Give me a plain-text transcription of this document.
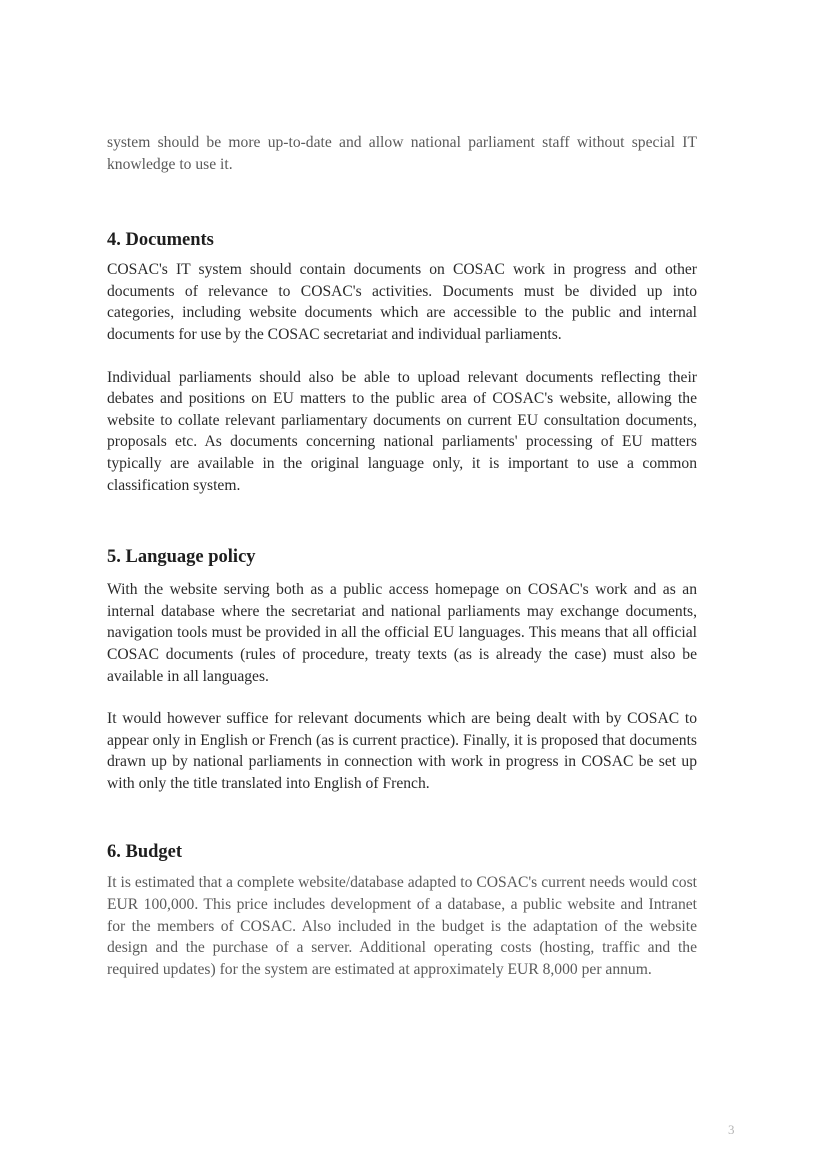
system should be more up-to-date and allow national parliament staff without special IT knowledge to use it.

4. Documents

COSAC's IT system should contain documents on COSAC work in progress and other documents of relevance to COSAC's activities. Documents must be divided up into categories, including website documents which are accessible to the public and internal documents for use by the COSAC secretariat and individual parliaments.

Individual parliaments should also be able to upload relevant documents reflecting their debates and positions on EU matters to the public area of COSAC's website, allowing the website to collate relevant parliamentary documents on current EU consultation documents, proposals etc. As documents concerning national parliaments' processing of EU matters typically are available in the original language only, it is important to use a common classification system.

5. Language policy

With the website serving both as a public access homepage on COSAC's work and as an internal database where the secretariat and national parliaments may exchange documents, navigation tools must be provided in all the official EU languages. This means that all official COSAC documents (rules of procedure, treaty texts (as is already the case) must also be available in all languages.

It would however suffice for relevant documents which are being dealt with by COSAC to appear only in English or French (as is current practice). Finally, it is proposed that documents drawn up by national parliaments in connection with work in progress in COSAC be set up with only the title translated into English of French.

6. Budget

It is estimated that a complete website/database adapted to COSAC's current needs would cost EUR 100,000. This price includes development of a database, a public website and Intranet for the members of COSAC. Also included in the budget is the adaptation of the website design and the purchase of a server. Additional operating costs (hosting, traffic and the required updates) for the system are estimated at approximately EUR 8,000 per annum.

3
